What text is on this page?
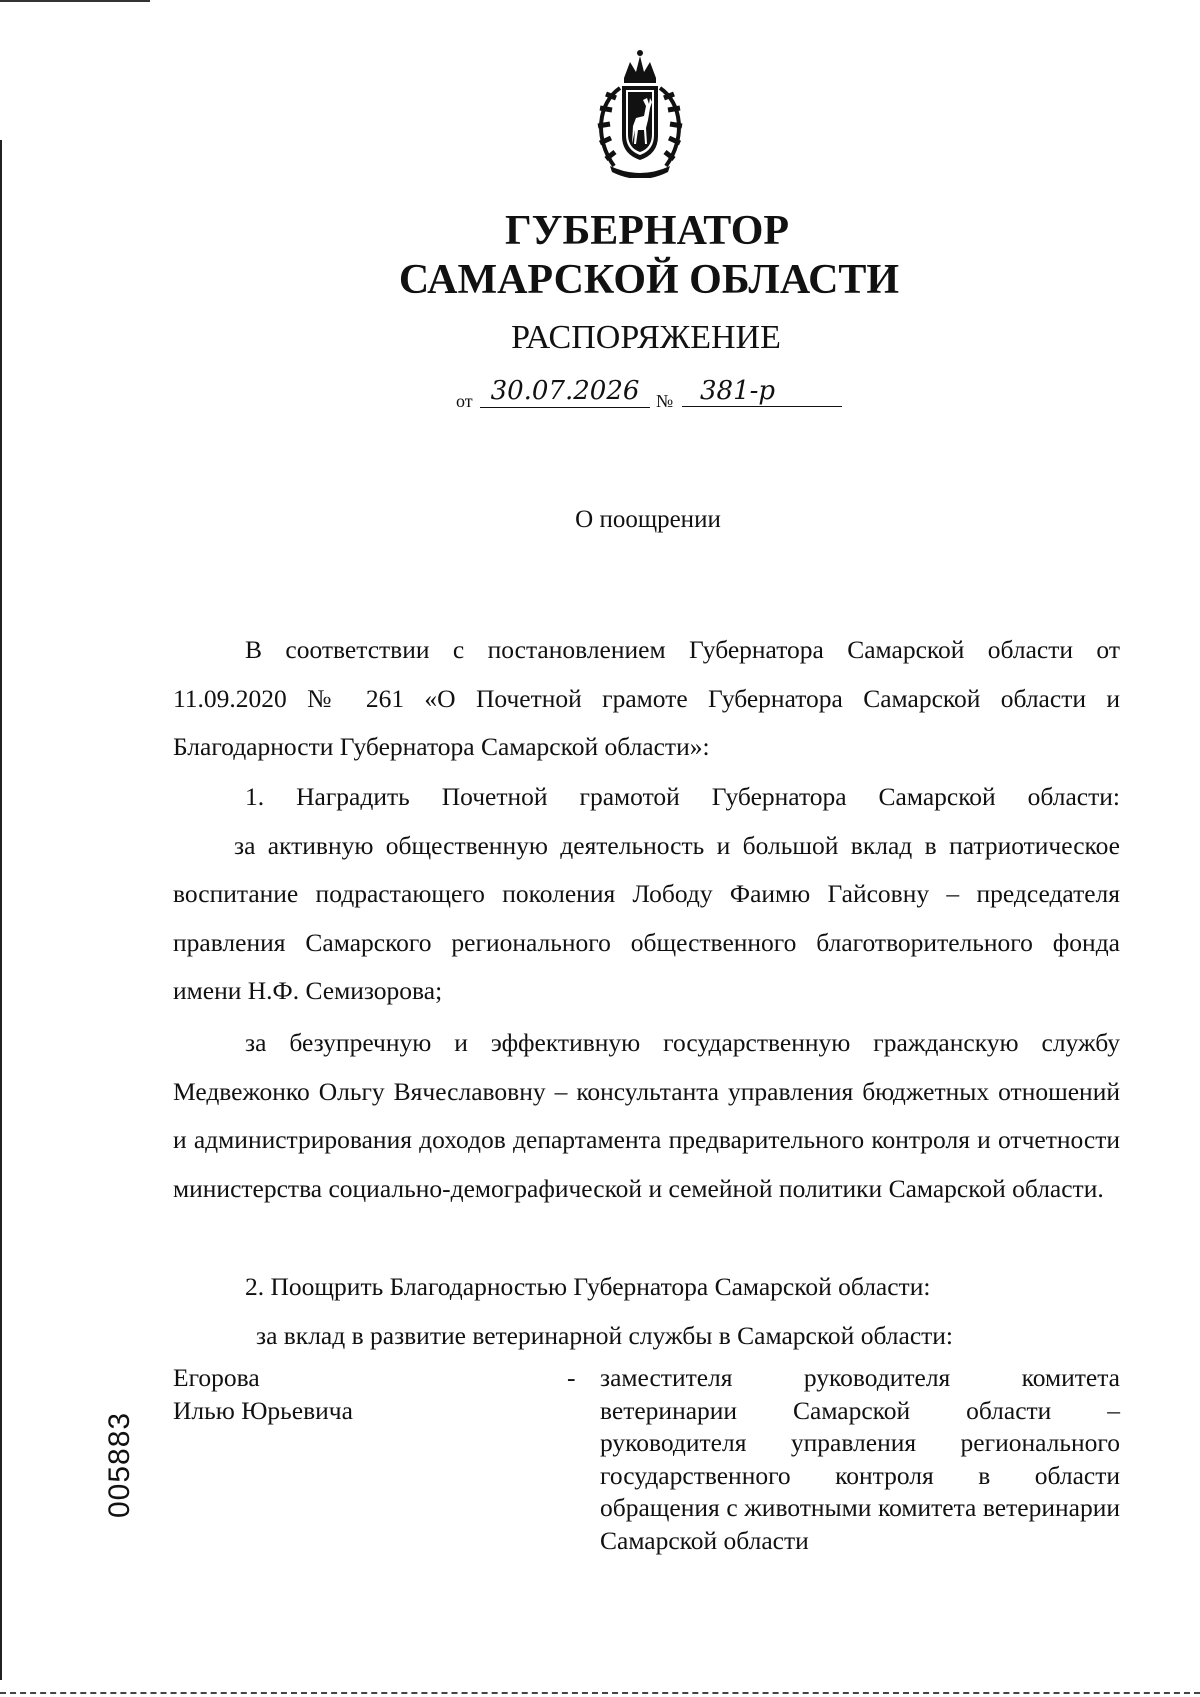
ГУБЕРНАТОР
САМАРСКОЙ ОБЛАСТИ
РАСПОРЯЖЕНИЕ
от 30.07.2026 №	381-р
О поощрении
В соответствии с постановлением Губернатора Самарской области от 11.09.2020 № 261 «О Почетной грамоте Губернатора Самарской области и Благодарности Губернатора Самарской области»:
1. Наградить Почетной грамотой Губернатора Самарской области:
за активную общественную деятельность и большой вклад в патриотическое воспитание подрастающего поколения Лободу Фаимю Гайсовну – председателя правления Самарского регионального общественного благотворительного фонда имени Н.Ф. Семизорова;
за безупречную и эффективную государственную гражданскую службу Медвежонко Ольгу Вячеславовну – консультанта управления бюджетных отношений и администрирования доходов департамента предварительного контроля и отчетности министерства социально-демографической и семейной политики Самарской области.
2. Поощрить Благодарностью Губернатора Самарской области:
за вклад в развитие ветеринарной службы в Самарской области:
Егорова
Илью Юрьевича
- заместителя руководителя комитета ветеринарии Самарской области – руководителя управления регионального государственного контроля в области обращения с животными комитета ветеринарии Самарской области
005883
